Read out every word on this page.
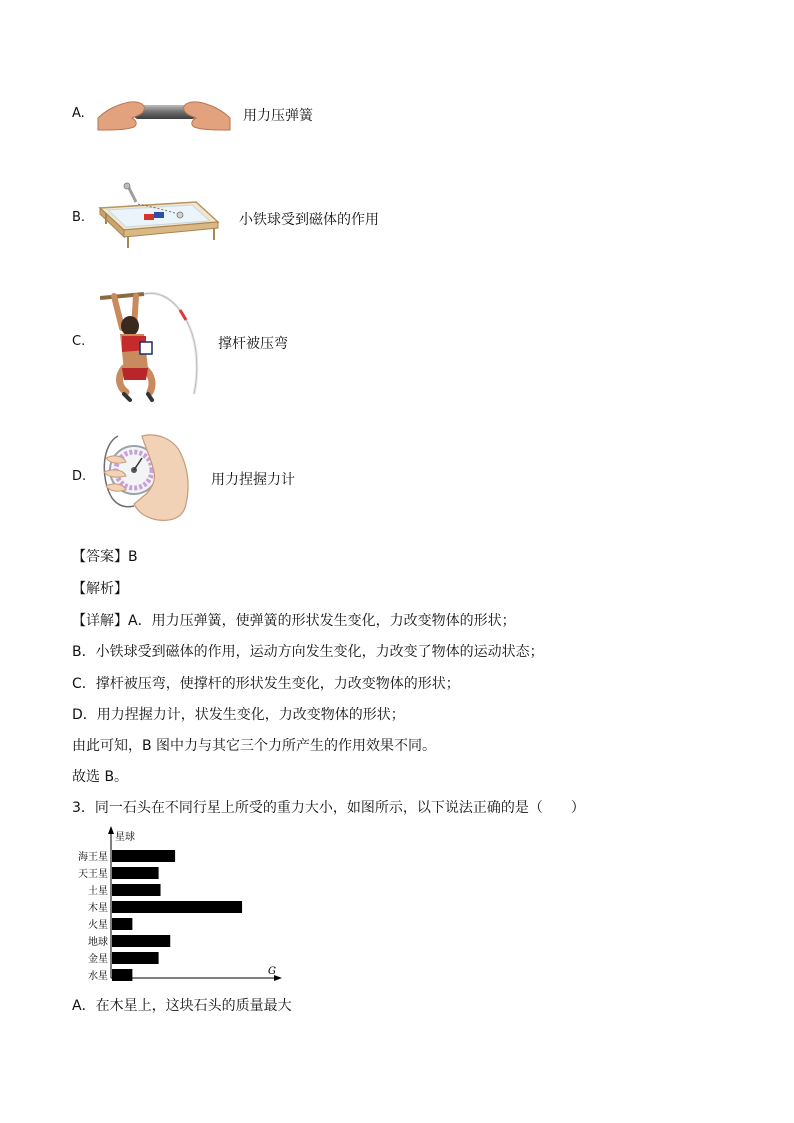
A.	用力压弹簧
B.	小铁球受到磁体的作用
C.	撑杆被压弯
D.	用力捏握力计
【答案】B
【解析】
【详解】A．用力压弹簧，使弹簧的形状发生变化，力改变物体的形状；
B．小铁球受到磁体的作用，运动方向发生变化，力改变了物体的运动状态；
C．撑杆被压弯，使撑杆的形状发生变化，力改变物体的形状；
D．用力捏握力计，状发生变化，力改变物体的形状；
由此可知，B 图中力与其它三个力所产生的作用效果不同。
故选 B。
3．同一石头在不同行星上所受的重力大小，如图所示，以下说法正确的是（　　）
星球
G
海王星
天王星
土星
木星
火星
地球
金星
水星
A．在木星上，这块石头的质量最大
